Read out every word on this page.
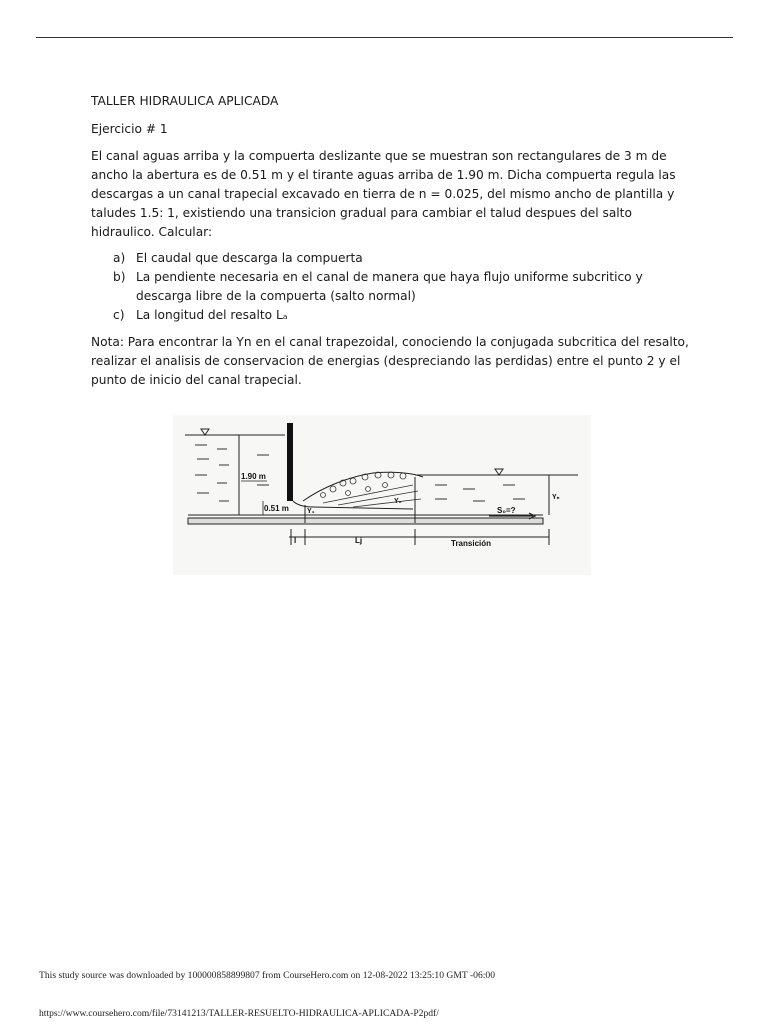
TALLER HIDRAULICA APLICADA

Ejercicio # 1

El canal aguas arriba y la compuerta deslizante que se muestran son rectangulares de 3 m de ancho la abertura es de 0.51 m y el tirante aguas arriba de 1.90 m. Dicha compuerta regula las descargas a un canal trapecial excavado en tierra de n = 0.025, del mismo ancho de plantilla y taludes 1.5: 1, existiendo una transicion gradual para cambiar el talud despues del salto hidraulico. Calcular:

a) El caudal que descarga la compuerta
b) La pendiente necesaria en el canal de manera que haya flujo uniforme subcritico y descarga libre de la compuerta (salto normal)
c) La longitud del resalto Lₐ

Nota: Para encontrar la Yn en el canal trapezoidal, conociendo la conjugada subcritica del resalto, realizar el analisis de conservacion de energias (despreciando las perdidas) entre el punto 2 y el punto de inicio del canal trapecial.

1.90 m
0.51 m	Y₁
Y₂
Yₙ
S₀=?
l	Lj	Transición
This study source was downloaded by 100000858899807 from CourseHero.com on 12-08-2022 13:25:10 GMT -06:00
https://www.coursehero.com/file/73141213/TALLER-RESUELTO-HIDRAULICA-APLICADA-P2pdf/
